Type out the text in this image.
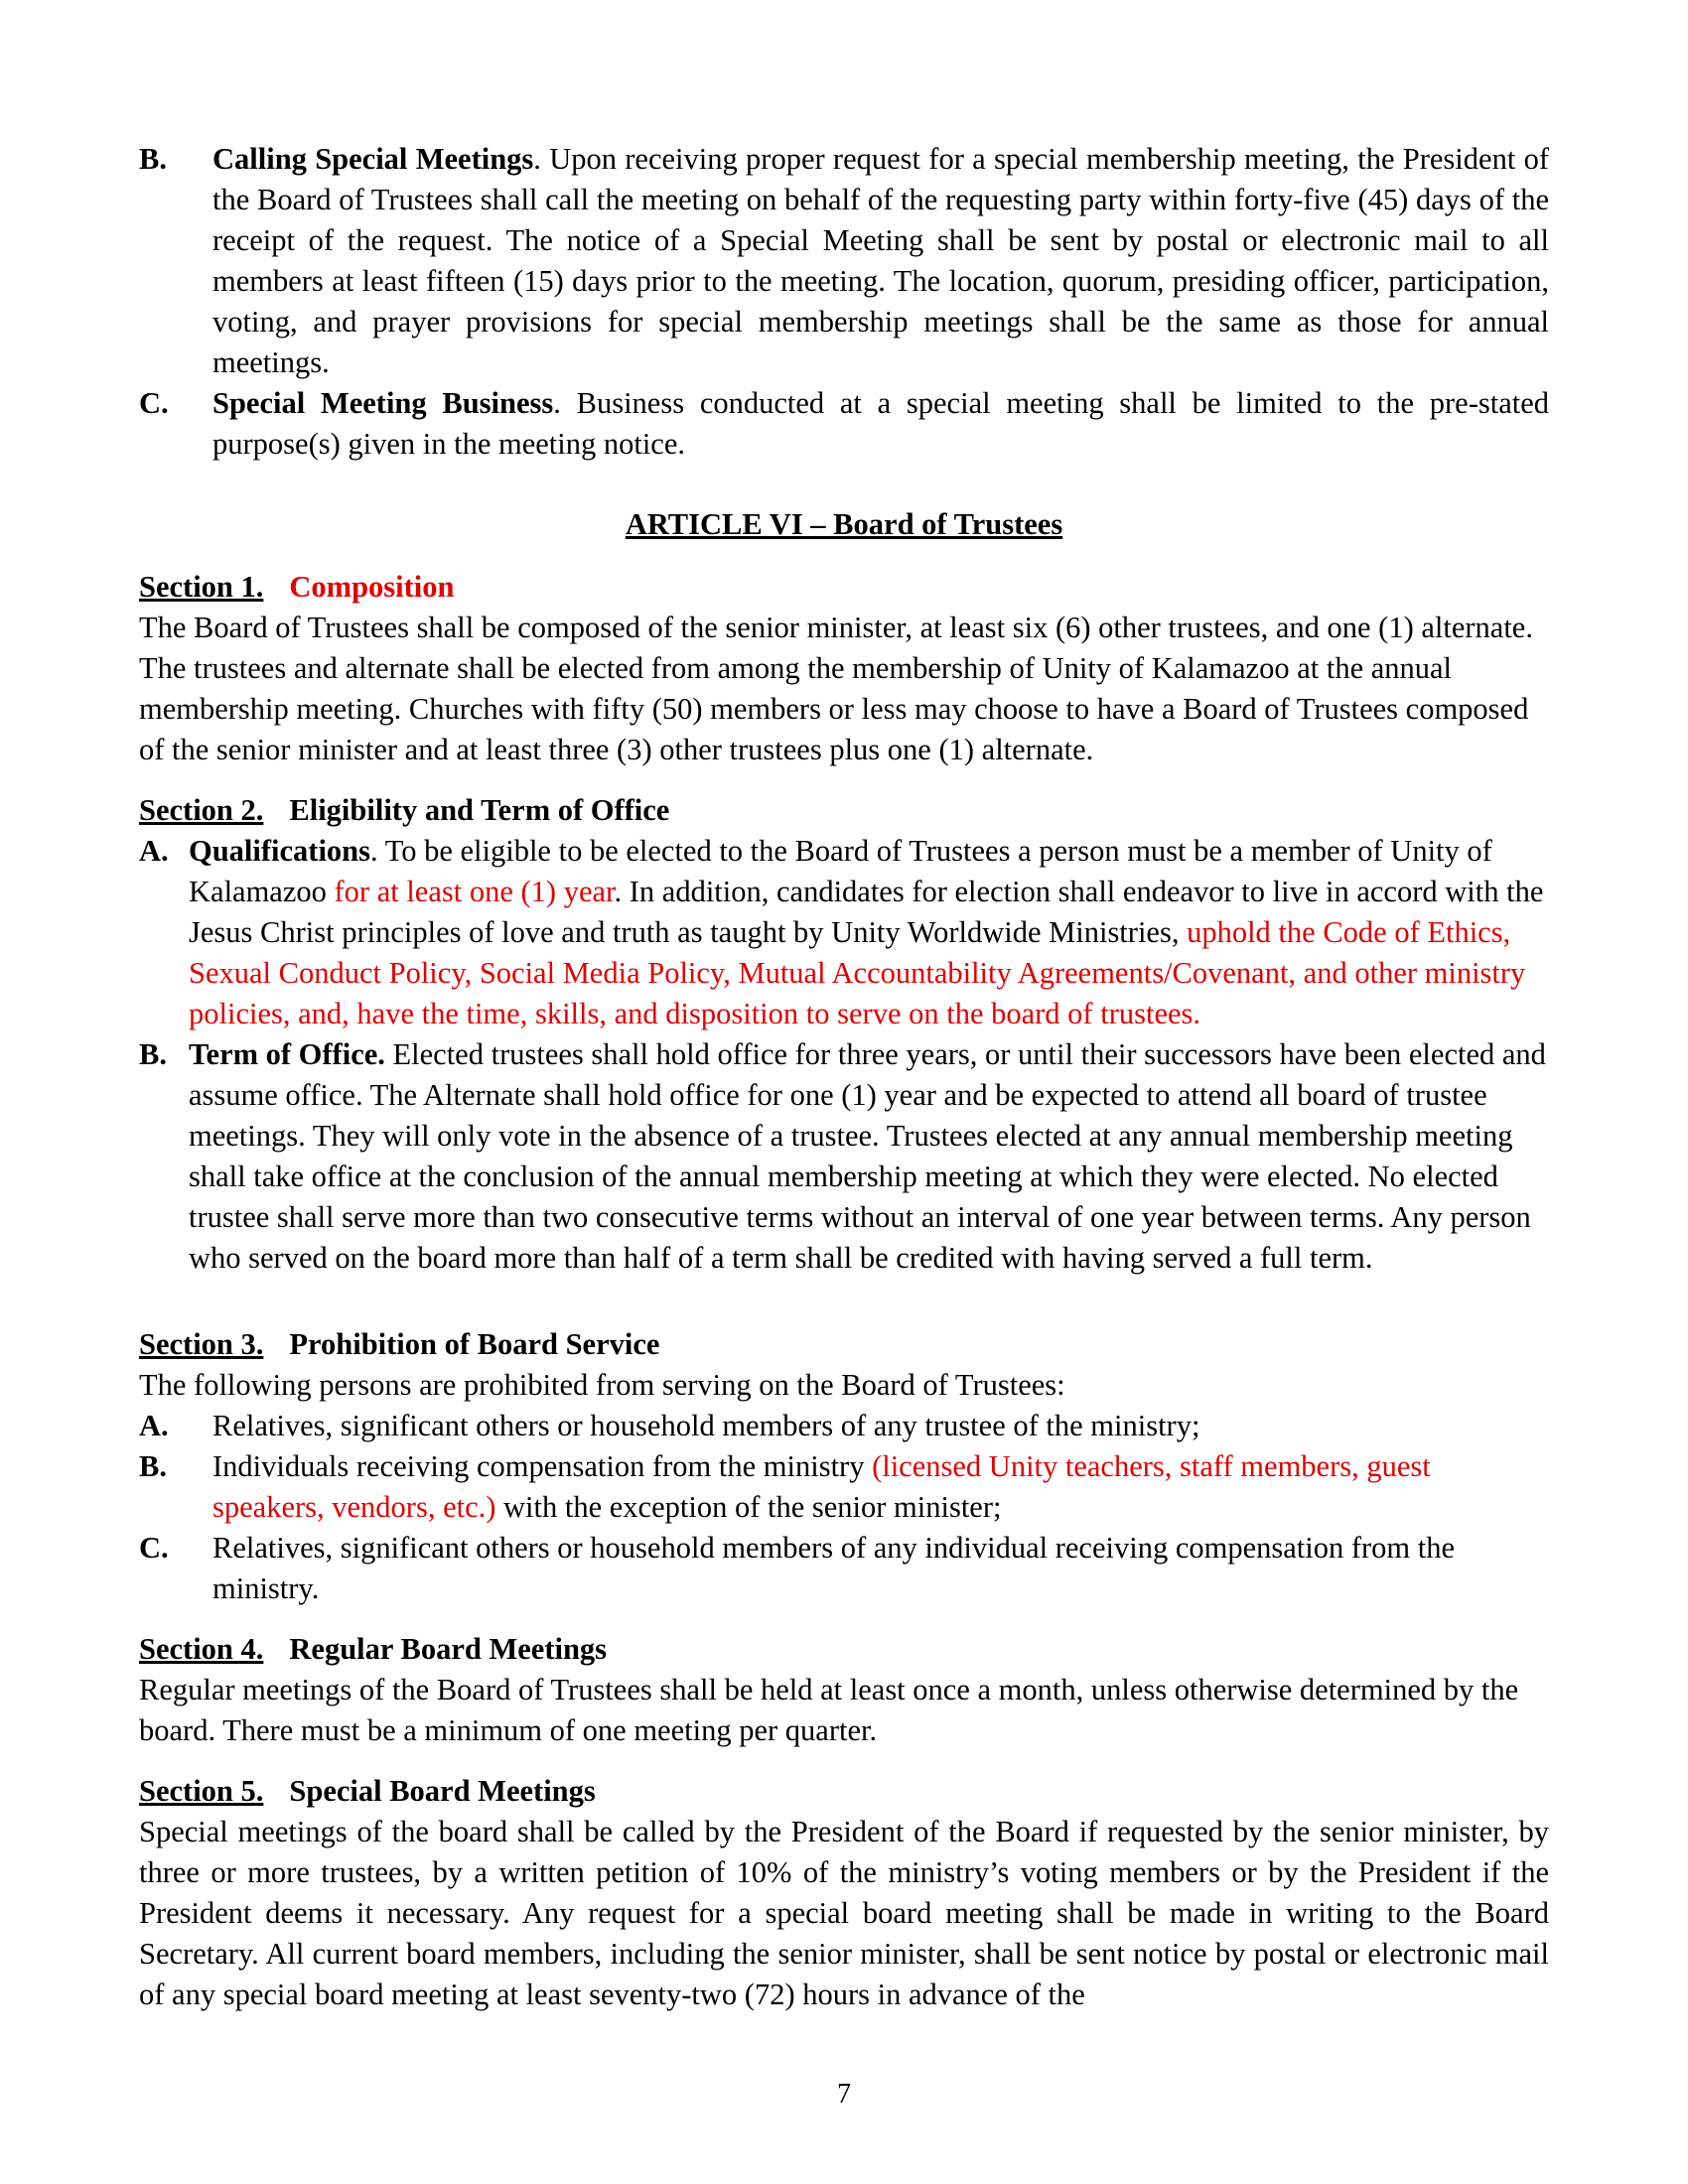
B.	Calling Special Meetings. Upon receiving proper request for a special membership meeting, the President of the Board of Trustees shall call the meeting on behalf of the requesting party within forty-five (45) days of the receipt of the request. The notice of a Special Meeting shall be sent by postal or electronic mail to all members at least fifteen (15) days prior to the meeting. The location, quorum, presiding officer, participation, voting, and prayer provisions for special membership meetings shall be the same as those for annual meetings.
C.	Special Meeting Business. Business conducted at a special meeting shall be limited to the pre-stated purpose(s) given in the meeting notice.
ARTICLE VI – Board of Trustees
Section 1. Composition
The Board of Trustees shall be composed of the senior minister, at least six (6) other trustees, and one (1) alternate. The trustees and alternate shall be elected from among the membership of Unity of Kalamazoo at the annual membership meeting. Churches with fifty (50) members or less may choose to have a Board of Trustees composed of the senior minister and at least three (3) other trustees plus one (1) alternate.
Section 2. Eligibility and Term of Office
A. Qualifications. To be eligible to be elected to the Board of Trustees a person must be a member of Unity of Kalamazoo for at least one (1) year. In addition, candidates for election shall endeavor to live in accord with the Jesus Christ principles of love and truth as taught by Unity Worldwide Ministries, uphold the Code of Ethics, Sexual Conduct Policy, Social Media Policy, Mutual Accountability Agreements/Covenant, and other ministry policies, and, have the time, skills, and disposition to serve on the board of trustees.
B. Term of Office. Elected trustees shall hold office for three years, or until their successors have been elected and assume office. The Alternate shall hold office for one (1) year and be expected to attend all board of trustee meetings. They will only vote in the absence of a trustee. Trustees elected at any annual membership meeting shall take office at the conclusion of the annual membership meeting at which they were elected. No elected trustee shall serve more than two consecutive terms without an interval of one year between terms. Any person who served on the board more than half of a term shall be credited with having served a full term.
Section 3. Prohibition of Board Service
The following persons are prohibited from serving on the Board of Trustees:
A.	Relatives, significant others or household members of any trustee of the ministry;
B.	Individuals receiving compensation from the ministry (licensed Unity teachers, staff members, guest speakers, vendors, etc.) with the exception of the senior minister;
C.	Relatives, significant others or household members of any individual receiving compensation from the ministry.
Section 4. Regular Board Meetings
Regular meetings of the Board of Trustees shall be held at least once a month, unless otherwise determined by the board. There must be a minimum of one meeting per quarter.
Section 5. Special Board Meetings
Special meetings of the board shall be called by the President of the Board if requested by the senior minister, by three or more trustees, by a written petition of 10% of the ministry’s voting members or by the President if the President deems it necessary. Any request for a special board meeting shall be made in writing to the Board Secretary. All current board members, including the senior minister, shall be sent notice by postal or electronic mail of any special board meeting at least seventy-two (72) hours in advance of the
7
